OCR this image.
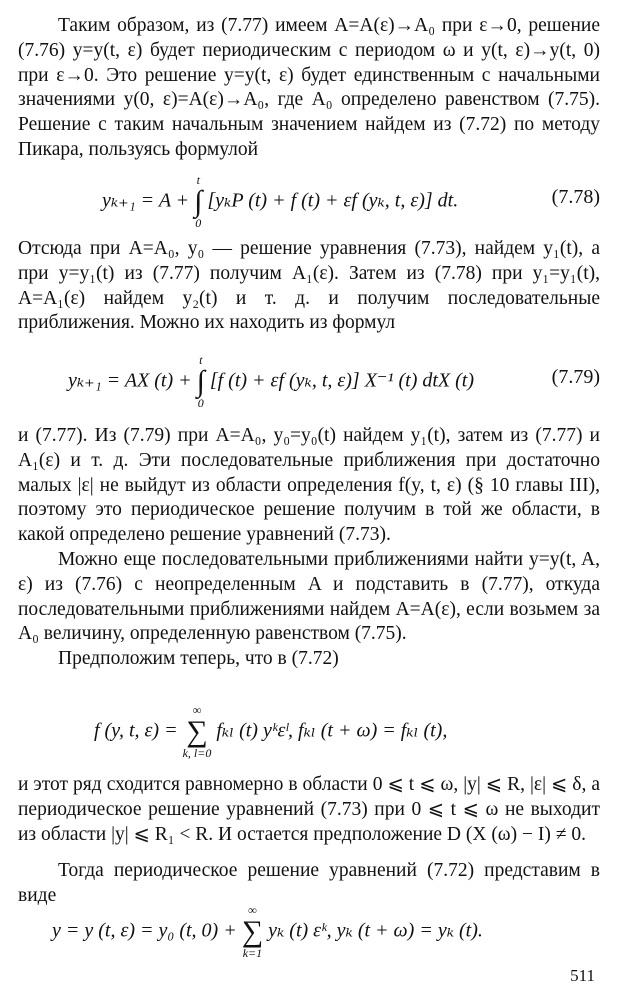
Таким образом, из (7.77) имеем A=A(ε)→A₀ при ε→0, решение (7.76) y=y(t, ε) будет периодическим с периодом ω и y(t, ε)→y(t, 0) при ε→0. Это решение y=y(t, ε) будет единственным с начальными значениями y(0, ε)=A(ε)→A₀, где A₀ определено равенством (7.75). Решение с таким начальным значением найдем из (7.72) по методу Пикара, пользуясь формулой

yₖ₊₁ = A +
t
∫
0
[yₖP (t) + f (t) + εf (yₖ, t, ε)] dt.	(7.78)

Отсюда при A=A₀, y₀ — решение уравнения (7.73), найдем y₁(t), а при y=y₁(t) из (7.77) получим A₁(ε). Затем из (7.78) при y₁=y₁(t), A=A₁(ε) найдем y₂(t) и т. д. и получим последовательные приближения. Можно их находить из формул

yₖ₊₁ = AX (t) +
t
∫
0
[f (t) + εf (yₖ, t, ε)] X⁻¹ (t) dtX (t)	(7.79)

и (7.77). Из (7.79) при A=A₀, y₀=y₀(t) найдем y₁(t), затем из (7.77) и A₁(ε) и т. д. Эти последовательные приближения при достаточно малых |ε| не выйдут из области определения f(y, t, ε) (§ 10 главы III), поэтому это периодическое решение получим в той же области, в какой определено решение уравнений (7.73).

Можно еще последовательными приближениями найти y=y(t, A, ε) из (7.76) с неопределенным A и подставить в (7.77), откуда последовательными приближениями найдем A=A(ε), если возьмем за A₀ величину, определенную равенством (7.75).

Предположим теперь, что в (7.72)

f (y, t, ε) =
∞
∑
k, l=0
fₖₗ (t) yᵏεˡ, fₖₗ (t + ω) = fₖₗ (t),

и этот ряд сходится равномерно в области 0 ⩽ t ⩽ ω, |y| ⩽ R, |ε| ⩽ δ, а периодическое решение уравнений (7.73) при 0 ⩽ t ⩽ ω не выходит из области |y| ⩽ R₁ < R. И остается предположение D (X (ω) − I) ≠ 0.

Тогда периодическое решение уравнений (7.72) представим в виде

y = y (t, ε) = y₀ (t, 0) +
∞
∑
k=1
yₖ (t) εᵏ, yₖ (t + ω) = yₖ (t).
511
